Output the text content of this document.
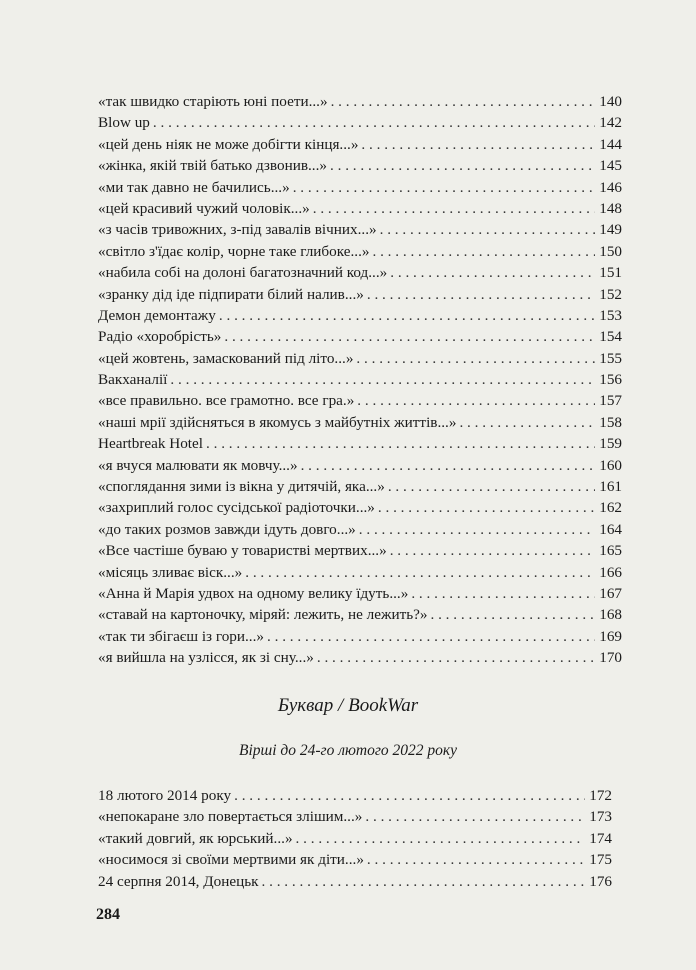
«так швидко старіють юні поети...» . . .	140
Blow up . . .	142
«цей день ніяк не може добігти кінця...» . . .	144
«жінка, якій твій батько дзвонив...» . . .	145
«ми так давно не бачились...» . . .	146
«цей красивий чужий чоловік...» . . .	148
«з часів тривожних, з-під завалів вічних...» . . .	149
«світло з'їдає колір, чорне таке глибоке...» . . .	150
«набила собі на долоні багатозначний код...» . . .	151
«зранку дід іде підпирати білий налив...» . . .	152
Демон демонтажу . . .	153
Радіо «хоробрість» . . .	154
«цей жовтень, замаскований під літо...» . . .	155
Вакханалії . . .	156
«все правильно. все грамотно. все гра.» . . .	157
«наші мрії здійсняться в якомусь з майбутніх життів...» . . .	158
Heartbreak Hotel . . .	159
«я вчуся малювати як мовчу...» . . .	160
«споглядання зими із вікна у дитячій, яка...» . . .	161
«захриплий голос сусідської радіоточки...» . . .	162
«до таких розмов завжди ідуть довго...» . . .	164
«Все частіше буваю у товаристві мертвих...» . . .	165
«місяць зливає віск...» . . .	166
«Анна й Марія удвох на одному велику їдуть...» . . .	167
«ставай на картоночку, міряй: лежить, не лежить?» . . .	168
«так ти збігаєш із гори...» . . .	169
«я вийшла на узлісся, як зі сну...» . . .	170
Буквар / BookWar
Вірші до 24-го лютого 2022 року
18 лютого 2014 року . . .	172
«непокаране зло повертається злішим...» . . .	173
«такий довгий, як юрський...» . . .	174
«носимося зі своїми мертвими як діти...» . . .	175
24 серпня 2014, Донецьк . . .	176
284
